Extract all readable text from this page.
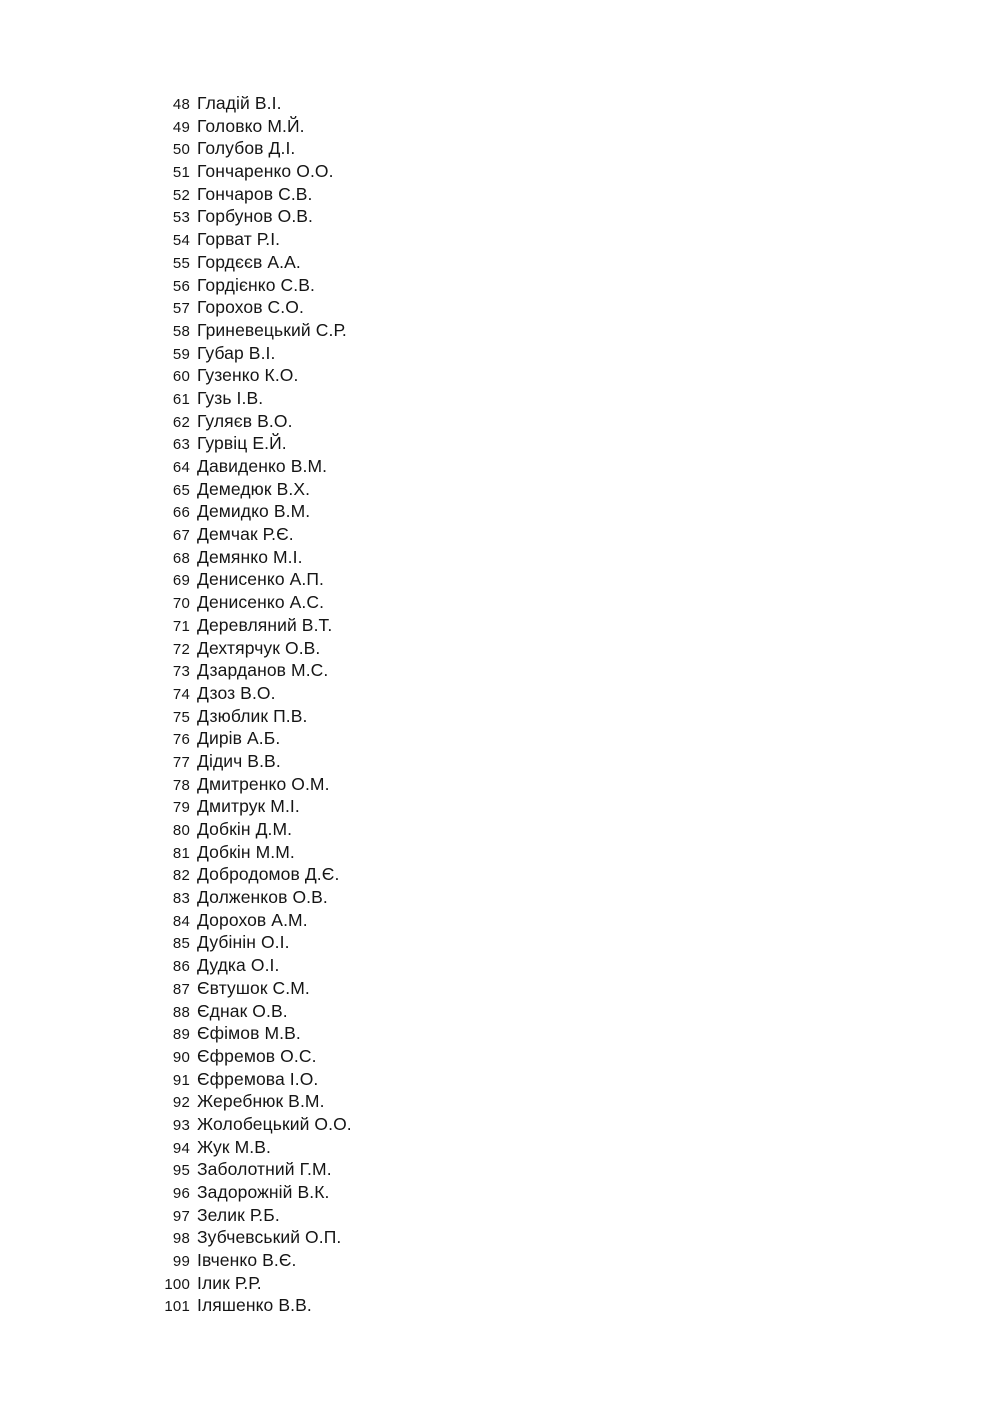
48 Гладій В.І.
49 Головко М.Й.
50 Голубов Д.І.
51 Гончаренко О.О.
52 Гончаров С.В.
53 Горбунов О.В.
54 Горват Р.І.
55 Гордєєв А.А.
56 Гордієнко С.В.
57 Горохов С.О.
58 Гриневецький С.Р.
59 Губар В.І.
60 Гузенко К.О.
61 Гузь І.В.
62 Гуляєв В.О.
63 Гурвіц Е.Й.
64 Давиденко В.М.
65 Демедюк В.Х.
66 Демидко В.М.
67 Демчак Р.Є.
68 Демянко М.І.
69 Денисенко А.П.
70 Денисенко А.С.
71 Деревляний В.Т.
72 Дехтярчук О.В.
73 Дзарданов М.С.
74 Дзоз В.О.
75 Дзюблик П.В.
76 Дирів А.Б.
77 Дідич В.В.
78 Дмитренко О.М.
79 Дмитрук М.І.
80 Добкін Д.М.
81 Добкін М.М.
82 Добродомов Д.Є.
83 Долженков О.В.
84 Дорохов А.М.
85 Дубінін О.І.
86 Дудка О.І.
87 Євтушок С.М.
88 Єднак О.В.
89 Єфімов М.В.
90 Єфремов О.С.
91 Єфремова І.О.
92 Жеребнюк В.М.
93 Жолобецький О.О.
94 Жук М.В.
95 Заболотний Г.М.
96 Задорожній В.К.
97 Зелик Р.Б.
98 Зубчевський О.П.
99 Івченко В.Є.
100 Ілик Р.Р.
101 Іляшенко В.В.
